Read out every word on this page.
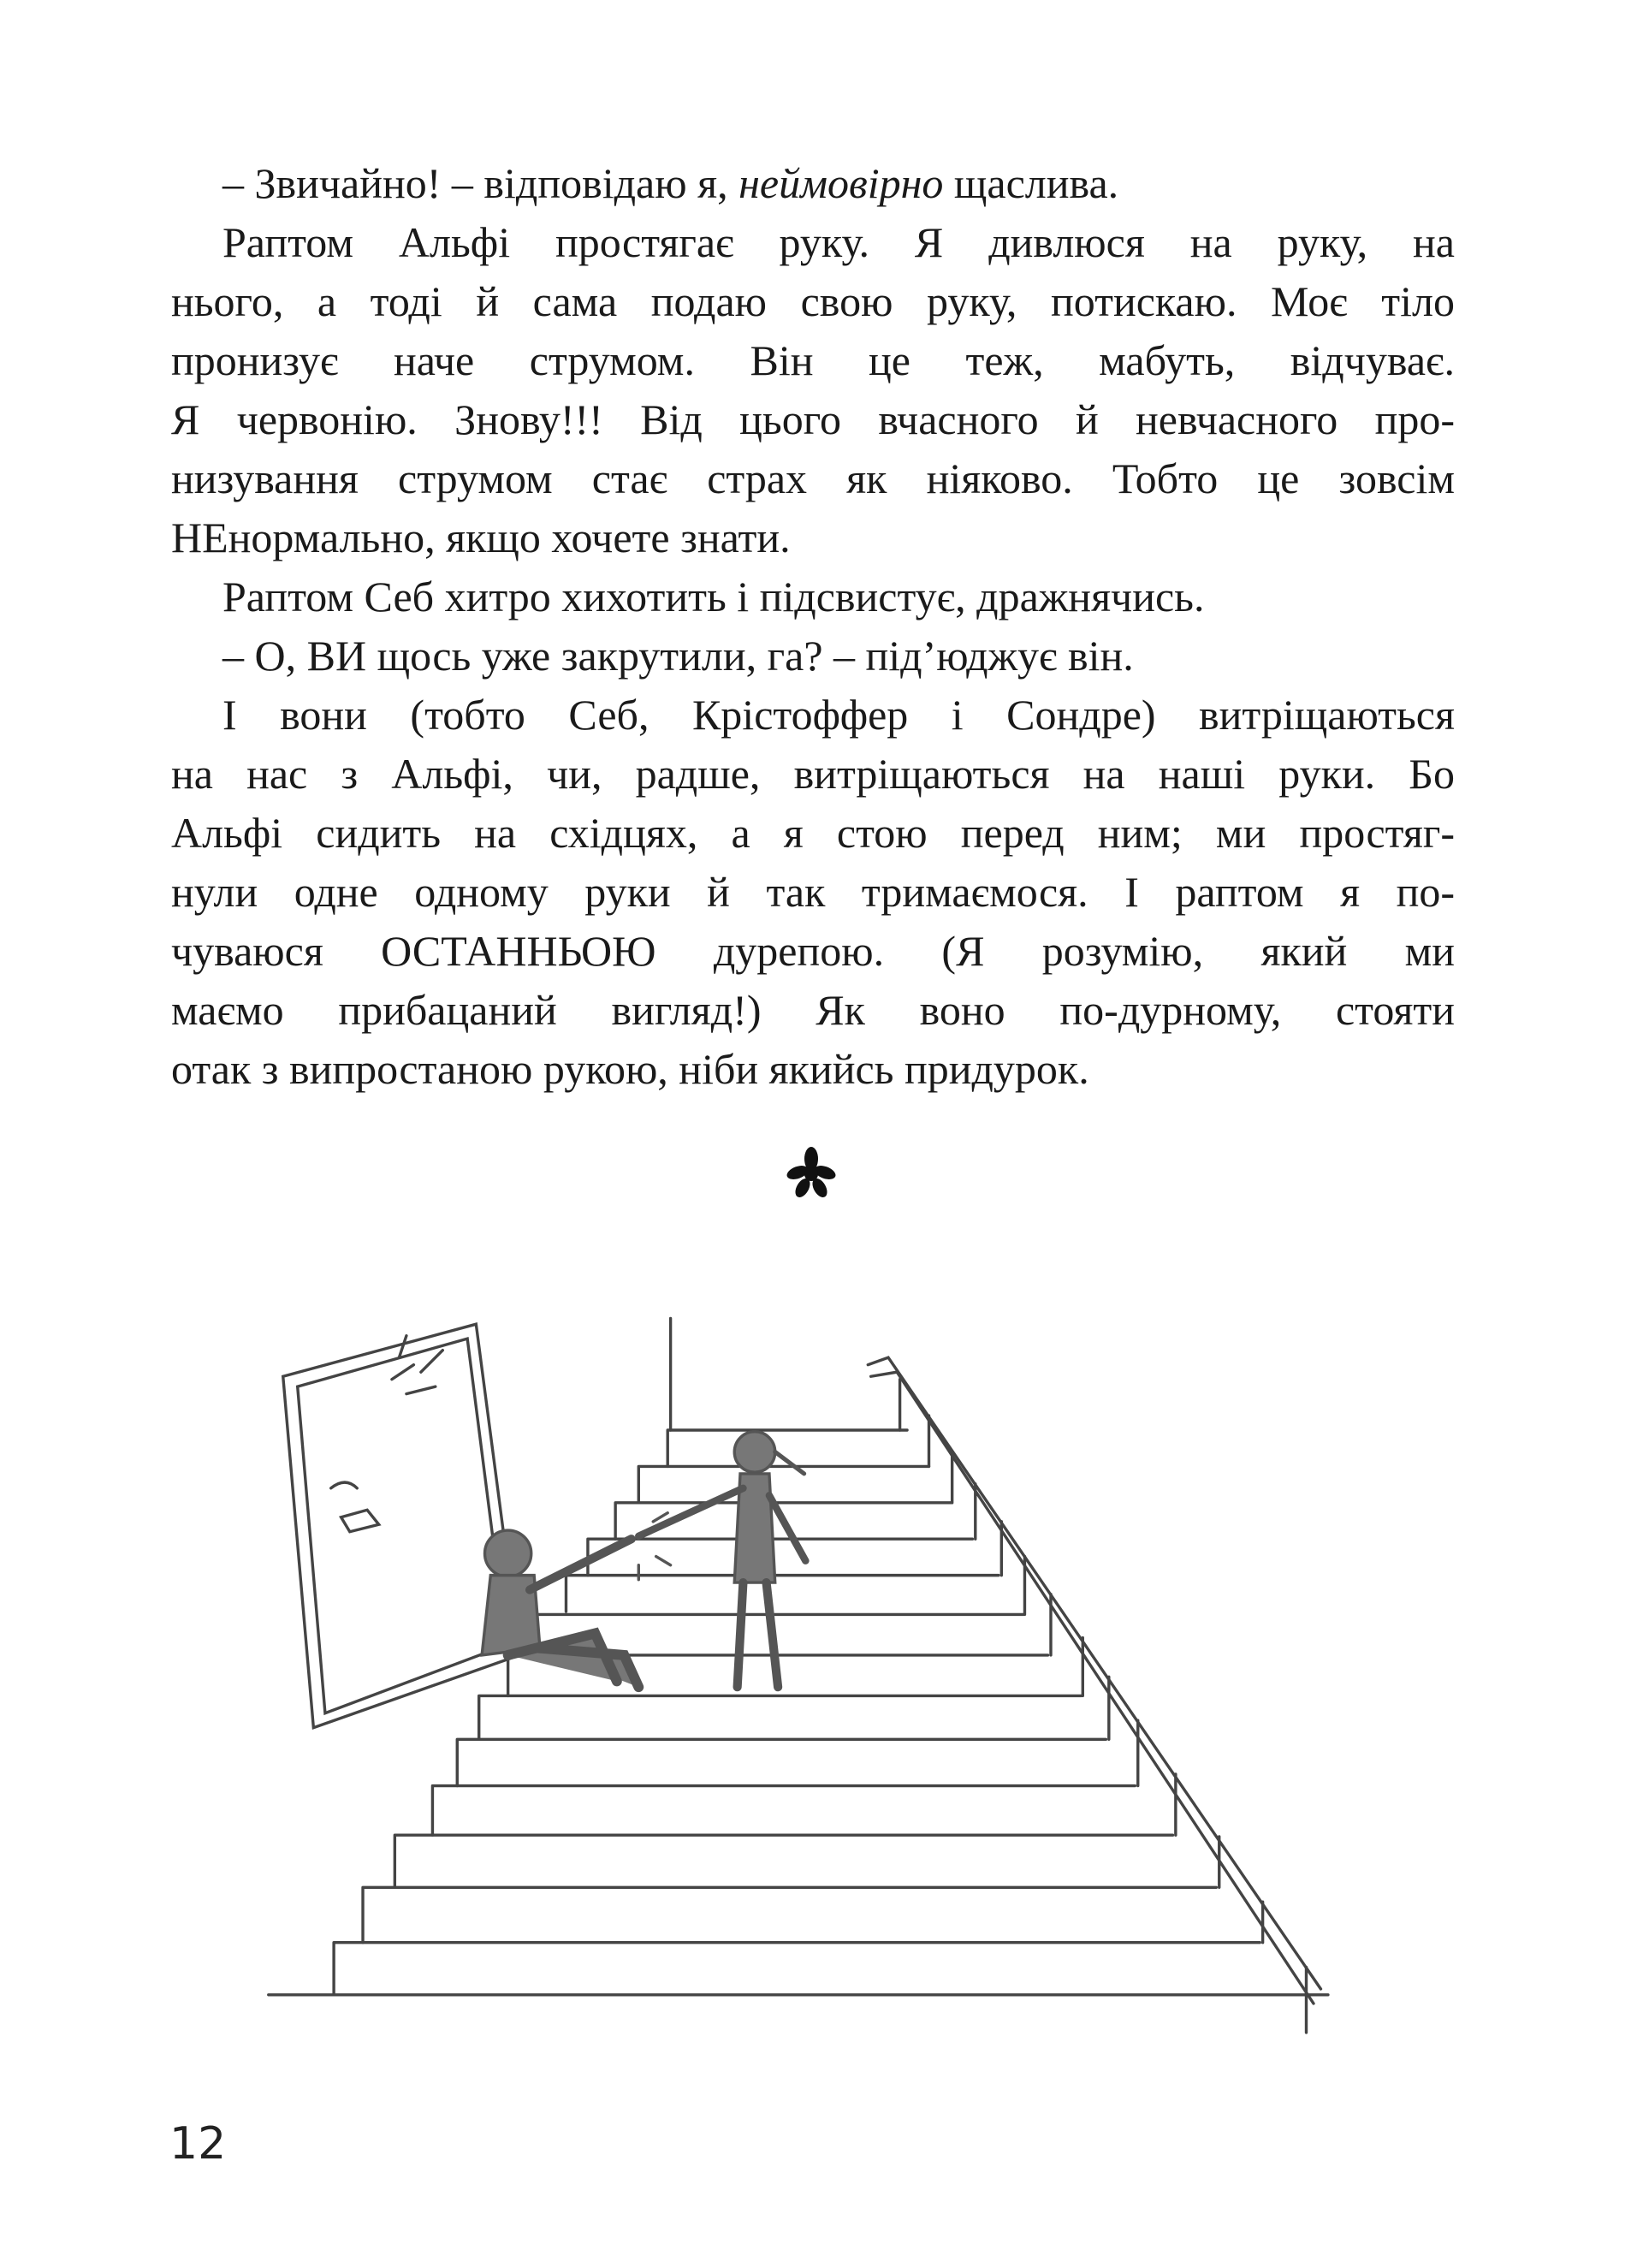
– Звичайно! – відповідаю я, неймовірно щаслива.
Раптом Альфі простягає руку. Я дивлюся на руку, на
нього, а тоді й сама подаю свою руку, потискаю. Моє тіло
пронизує наче струмом. Він це теж, мабуть, відчуває.
Я червонію. Знову!!! Від цього вчасного й невчасного про-
низування струмом стає страх як ніяково. Тобто це зовсім
НЕнормально, якщо хочете знати.
Раптом Себ хитро хихотить і підсвистує, дражнячись.
– О, ВИ щось уже закрутили, га? – під’юджує він.
І вони (тобто Себ, Крістоффер і Сондре) витріщаються
на нас з Альфі, чи, радше, витріщаються на наші руки. Бо
Альфі сидить на східцях, а я стою перед ним; ми простяг-
нули одне одному руки й так тримаємося. І раптом я по-
чуваюся ОСТАННЬОЮ дурепою. (Я розумію, який ми
маємо прибацаний вигляд!) Як воно по-дурному, стояти
отак з випростаною рукою, ніби якийсь придурок.
12
